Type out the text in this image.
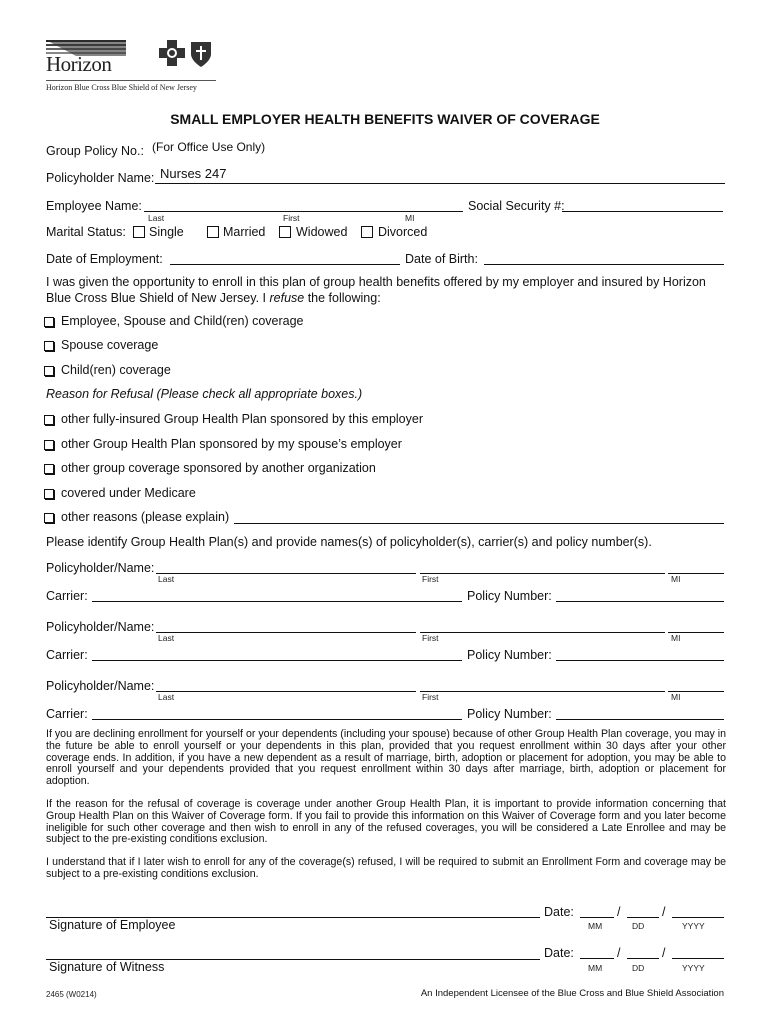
Horizon
Horizon Blue Cross Blue Shield of New Jersey
SMALL EMPLOYER HEALTH BENEFITS WAIVER OF COVERAGE
Group Policy No.: (For Office Use Only)
Policyholder Name: Nurses 247
Employee Name:	Social Security #:
Last	First	MI
Marital Status: Single	Married Widowed Divorced
Date of Employment:	Date of Birth:
I was given the opportunity to enroll in this plan of group health benefits offered by my employer and insured by Horizon
Blue Cross Blue Shield of New Jersey. I refuse the following:
Employee, Spouse and Child(ren) coverage
Spouse coverage
Child(ren) coverage
Reason for Refusal (Please check all appropriate boxes.)
other fully-insured Group Health Plan sponsored by this employer
other Group Health Plan sponsored by my spouse’s employer
other group coverage sponsored by another organization
covered under Medicare
other reasons (please explain)
Please identify Group Health Plan(s) and provide names(s) of policyholder(s), carrier(s) and policy number(s).
Policyholder/Name:
Last	First	MI
Carrier:	Policy Number:
Policyholder/Name:
Last	First	MI
Carrier:	Policy Number:
Policyholder/Name:
Last	First	MI
Carrier:	Policy Number:
If you are declining enrollment for yourself or your dependents (including your spouse) because of other Group Health Plan coverage, you may in the future be able to enroll yourself or your dependents in this plan, provided that you request enrollment within 30 days after your other coverage ends. In addition, if you have a new dependent as a result of marriage, birth, adoption or placement for adoption, you may be able to enroll yourself and your dependents provided that you request enrollment within 30 days after marriage, birth, adoption or placement for adoption.
If the reason for the refusal of coverage is coverage under another Group Health Plan, it is important to provide information concerning that Group Health Plan on this Waiver of Coverage form. If you fail to provide this information on this Waiver of Coverage form and you later become ineligible for such other coverage and then wish to enroll in any of the refused coverages, you will be considered a Late Enrollee and may be subject to the pre-existing conditions exclusion.
I understand that if I later wish to enroll for any of the coverage(s) refused, I will be required to submit an Enrollment Form and coverage may be subject to a pre-existing conditions exclusion.
Signature of Employee
Date:	/	/
MM	DD	YYYY
Signature of Witness
Date:	/	/
MM	DD	YYYY
2465 (W0214)	An Independent Licensee of the Blue Cross and Blue Shield Association
